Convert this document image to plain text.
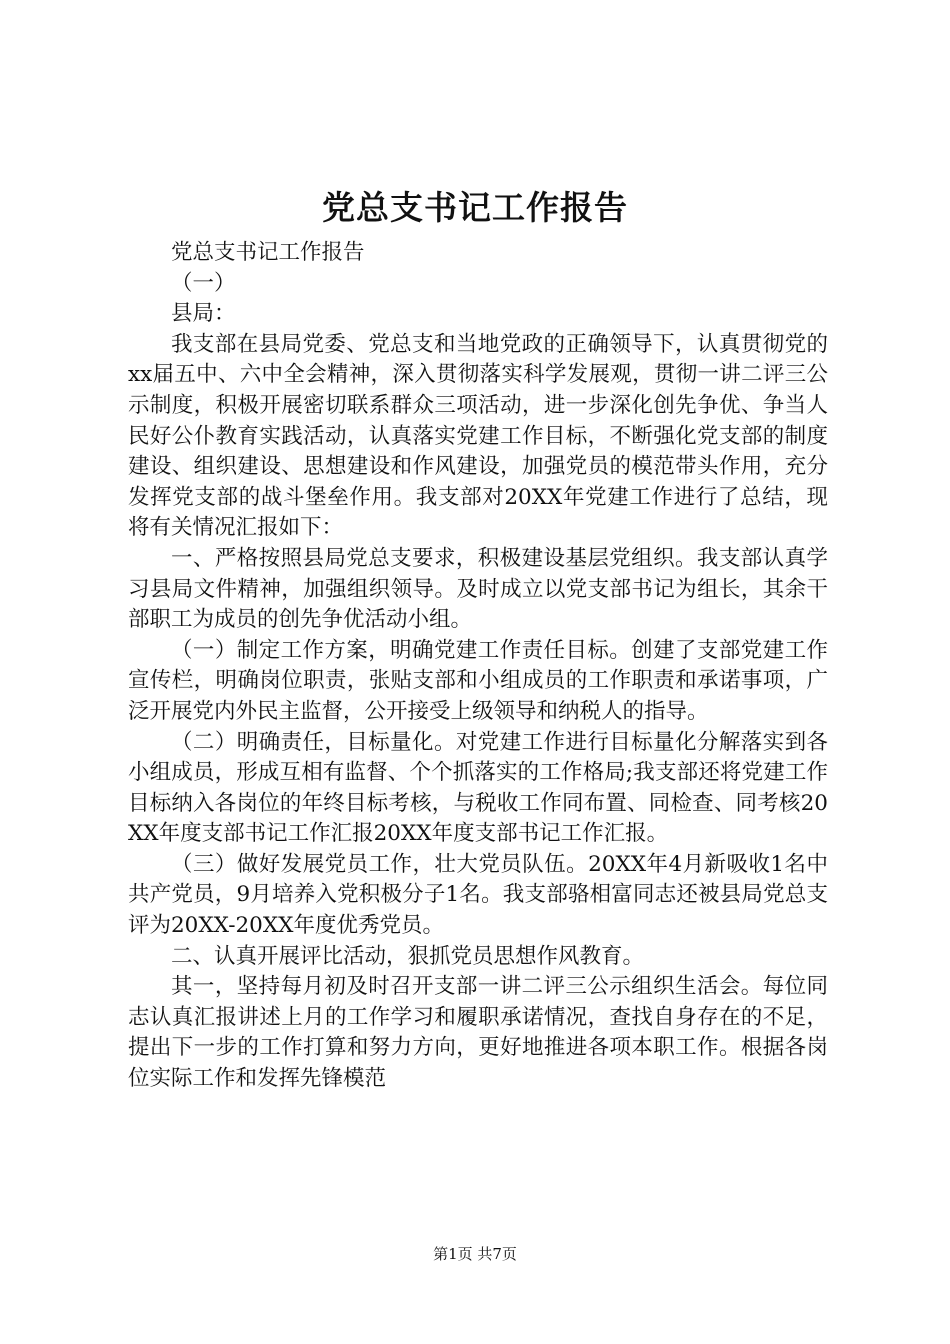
党总支书记工作报告

党总支书记工作报告

（一）

县局：

我支部在县局党委、党总支和当地党政的正确领导下，认真贯彻党的xx届五中、六中全会精神，深入贯彻落实科学发展观，贯彻一讲二评三公示制度，积极开展密切联系群众三项活动，进一步深化创先争优、争当人民好公仆教育实践活动，认真落实党建工作目标，不断强化党支部的制度建设、组织建设、思想建设和作风建设，加强党员的模范带头作用，充分发挥党支部的战斗堡垒作用。我支部对20XX年党建工作进行了总结，现将有关情况汇报如下：

一、严格按照县局党总支要求，积极建设基层党组织。我支部认真学习县局文件精神，加强组织领导。及时成立以党支部书记为组长，其余干部职工为成员的创先争优活动小组。

（一）制定工作方案，明确党建工作责任目标。创建了支部党建工作宣传栏，明确岗位职责，张贴支部和小组成员的工作职责和承诺事项，广泛开展党内外民主监督，公开接受上级领导和纳税人的指导。

（二）明确责任，目标量化。对党建工作进行目标量化分解落实到各小组成员，形成互相有监督、个个抓落实的工作格局;我支部还将党建工作目标纳入各岗位的年终目标考核，与税收工作同布置、同检查、同考核20XX年度支部书记工作汇报20XX年度支部书记工作汇报。

（三）做好发展党员工作，壮大党员队伍。20XX年4月新吸收1名中共产党员，9月培养入党积极分子1名。我支部骆相富同志还被县局党总支评为20XX-20XX年度优秀党员。

二、认真开展评比活动，狠抓党员思想作风教育。

其一，坚持每月初及时召开支部一讲二评三公示组织生活会。每位同志认真汇报讲述上月的工作学习和履职承诺情况，查找自身存在的不足，提出下一步的工作打算和努力方向，更好地推进各项本职工作。根据各岗位实际工作和发挥先锋模范

第1页 共7页
